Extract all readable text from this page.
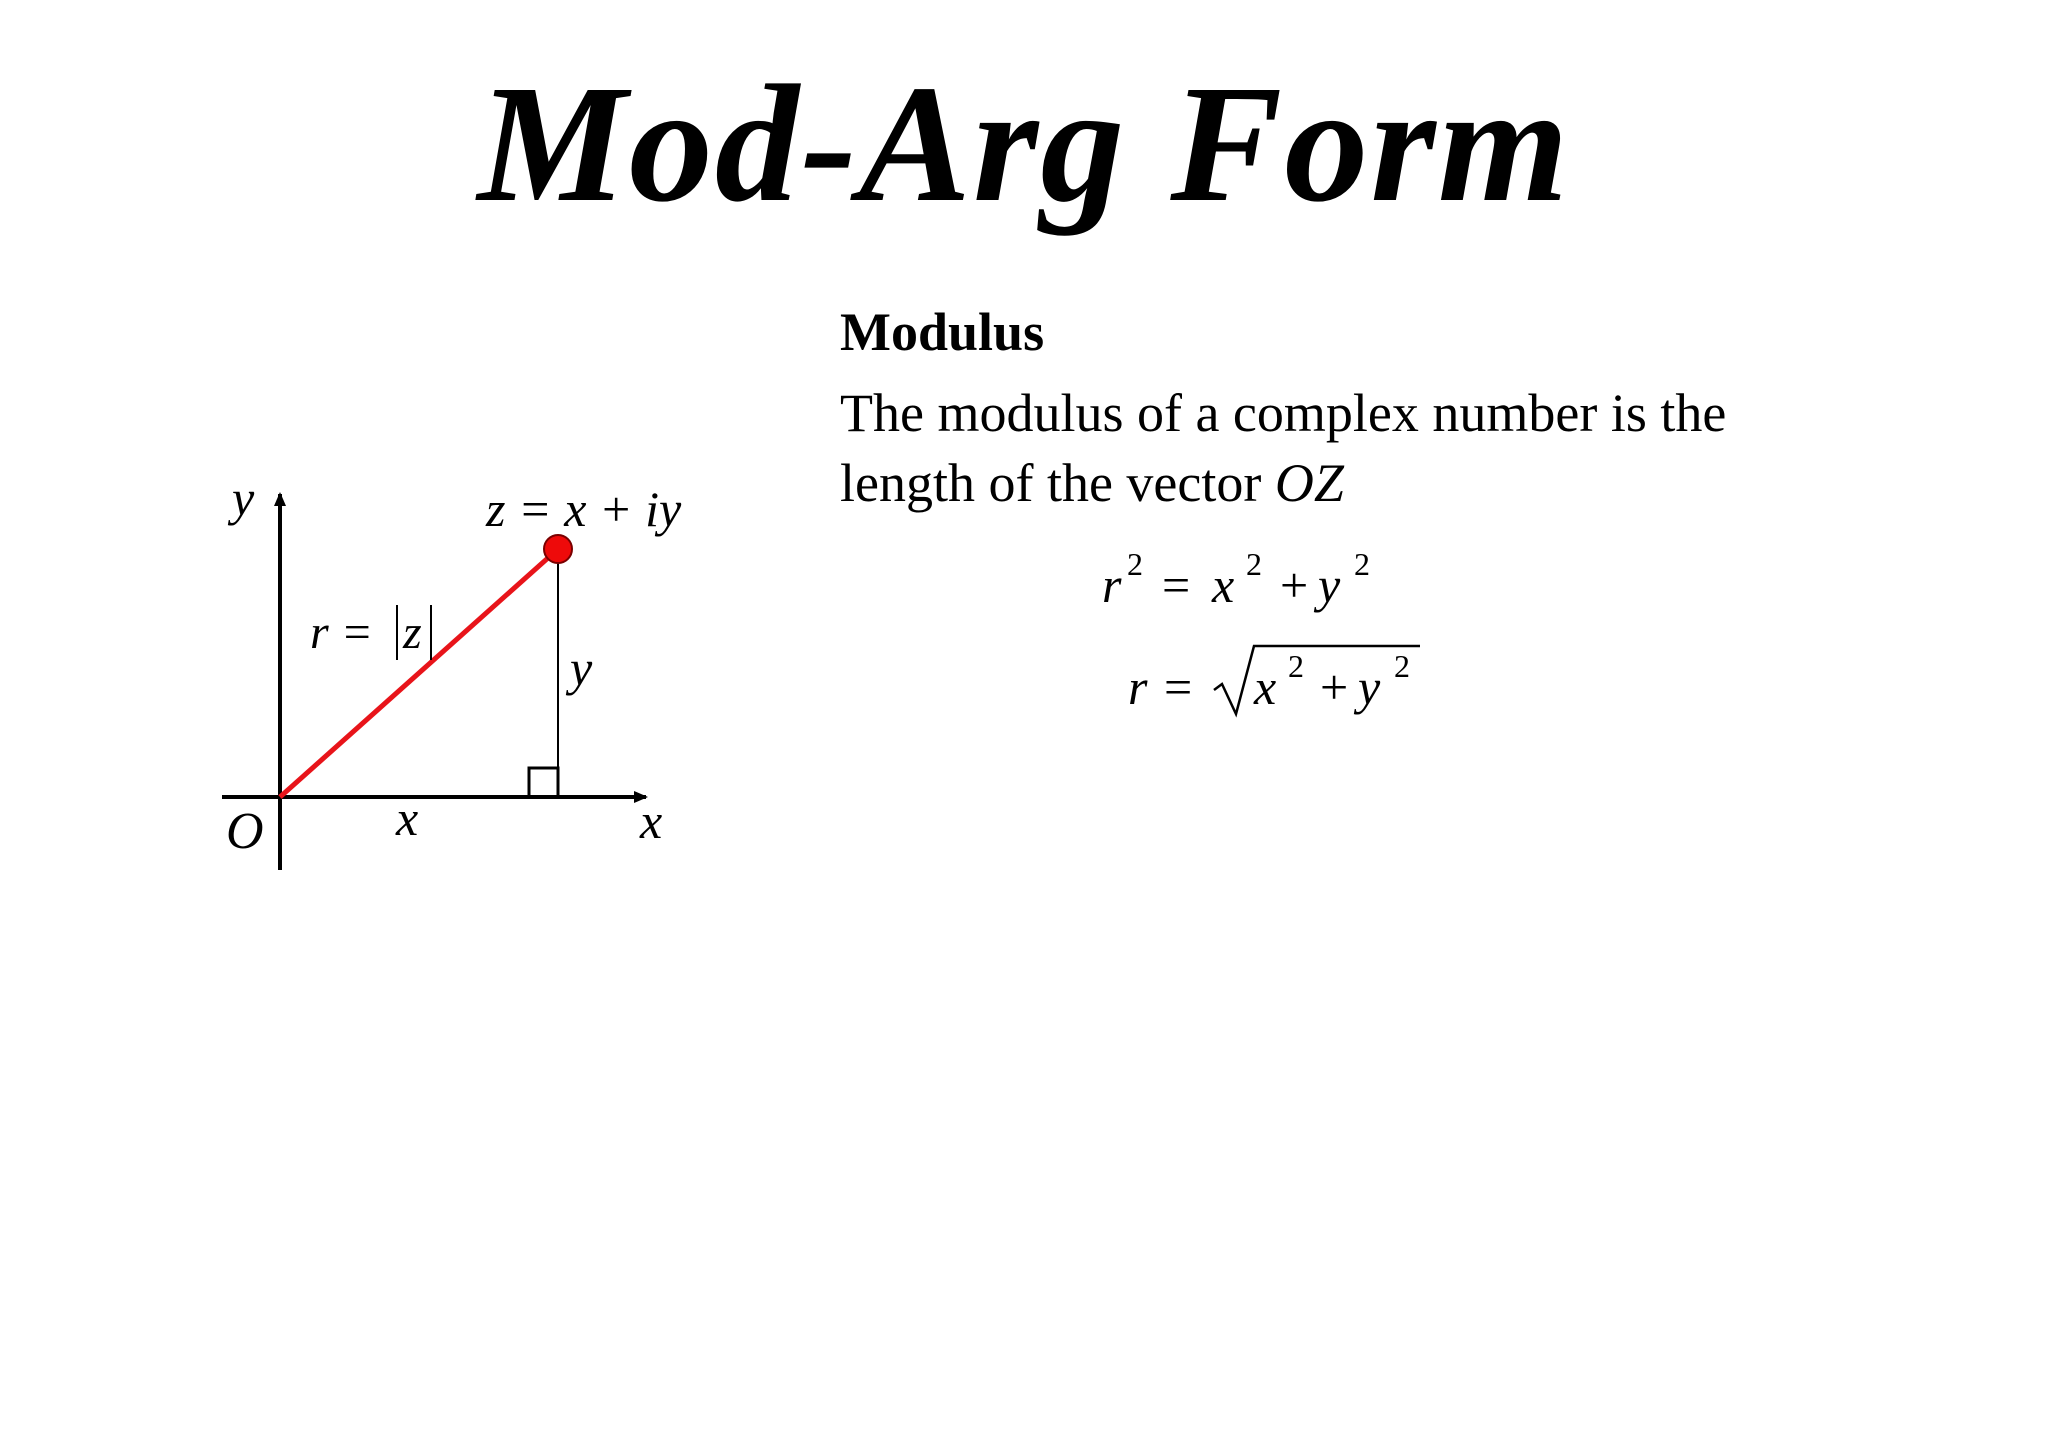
Mod-Arg Form
Modulus
The modulus of a complex number is the
length of the vector OZ
y
x
O
z = x + iy
x
y
r = z
r 2 = x 2 + y 2
r = x 2 + y 2
